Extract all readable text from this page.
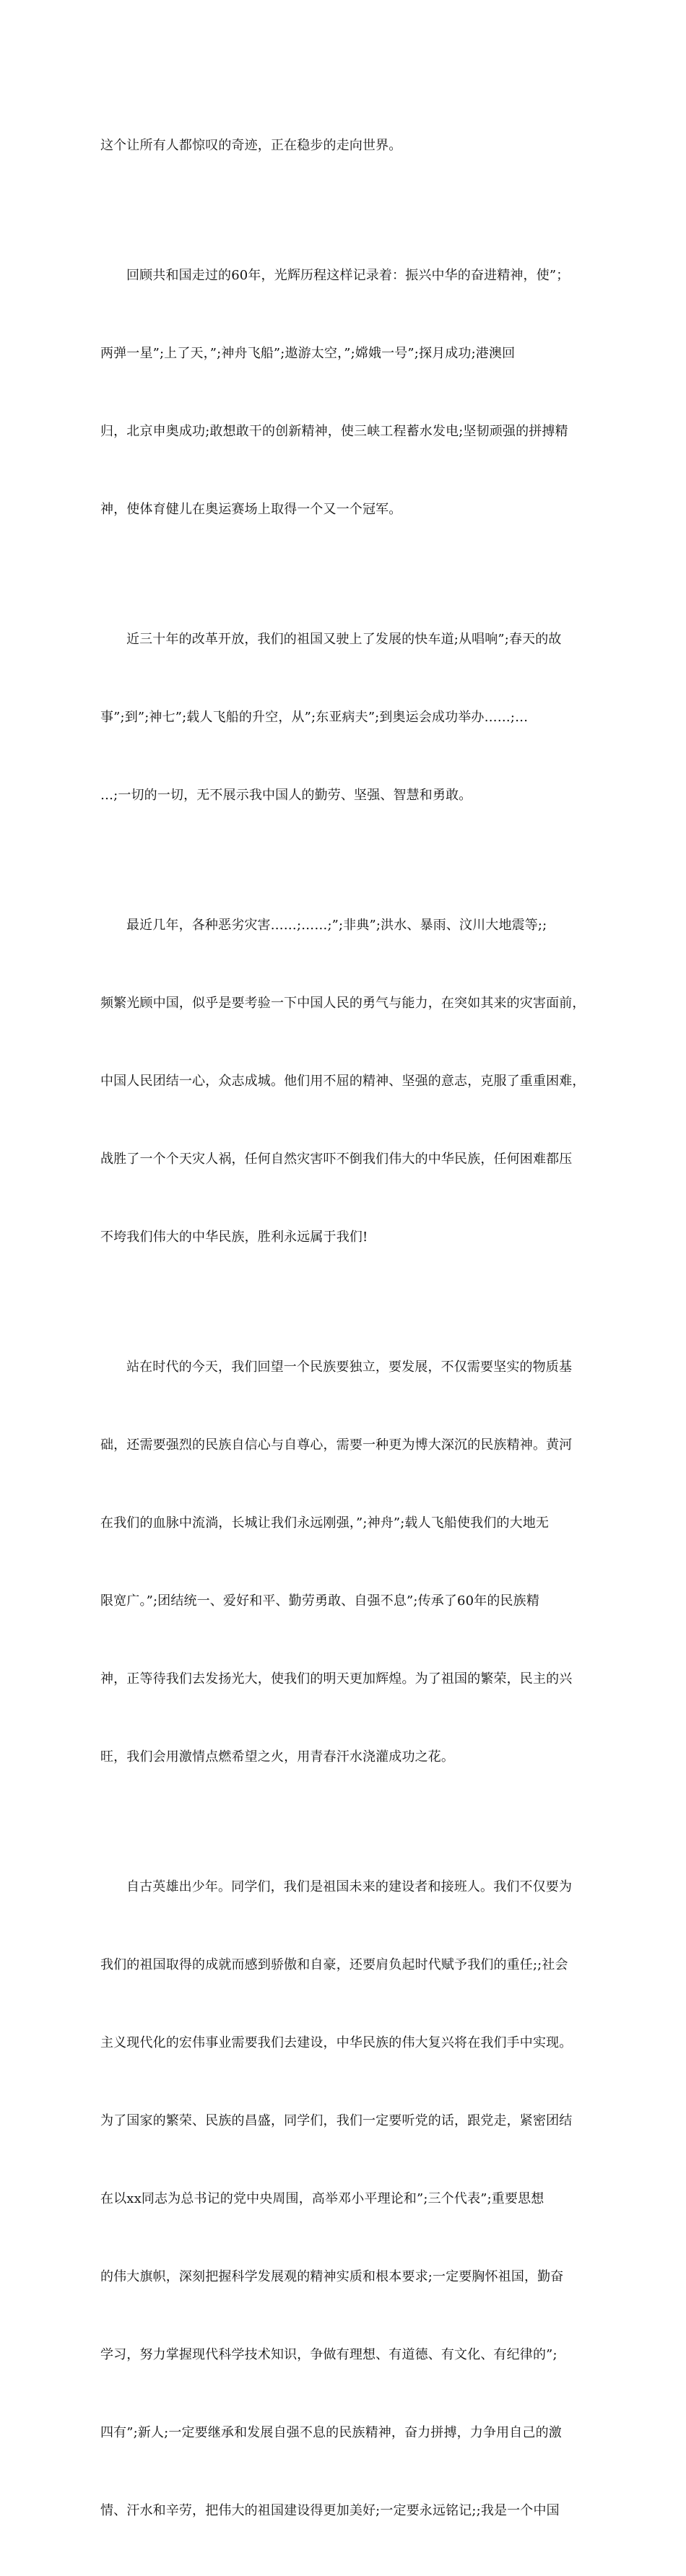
这个让所有人都惊叹的奇迹，正在稳步的走向世界。

回顾共和国走过的60年，光辉历程这样记录着：振兴中华的奋进精神，使”；

两弹一星”;上了天，”;神舟飞船”;遨游太空，”;嫦娥一号”;探月成功;港澳回

归，北京申奥成功;敢想敢干的创新精神，使三峡工程蓄水发电;坚韧顽强的拼搏精

神，使体育健儿在奥运赛场上取得一个又一个冠军。

近三十年的改革开放，我们的祖国又驶上了发展的快车道;从唱响”;春天的故

事”;到”;神七”;载人飞船的升空，从”;东亚病夫”;到奥运会成功举办……;…

…;一切的一切，无不展示我中国人的勤劳、坚强、智慧和勇敢。

最近几年，各种恶劣灾害……;……;”;非典”;洪水、暴雨、汶川大地震等;;

频繁光顾中国，似乎是要考验一下中国人民的勇气与能力，在突如其来的灾害面前，

中国人民团结一心，众志成城。他们用不屈的精神、坚强的意志，克服了重重困难，

战胜了一个个天灾人祸，任何自然灾害吓不倒我们伟大的中华民族，任何困难都压

不垮我们伟大的中华民族，胜利永远属于我们!

站在时代的今天，我们回望一个民族要独立，要发展，不仅需要坚实的物质基

础，还需要强烈的民族自信心与自尊心，需要一种更为博大深沉的民族精神。黄河

在我们的血脉中流淌，长城让我们永远刚强，”;神舟”;载人飞船使我们的大地无

限宽广。”;团结统一、爱好和平、勤劳勇敢、自强不息”;传承了60年的民族精

神，正等待我们去发扬光大，使我们的明天更加辉煌。为了祖国的繁荣，民主的兴

旺，我们会用激情点燃希望之火，用青春汗水浇灌成功之花。

自古英雄出少年。同学们，我们是祖国未来的建设者和接班人。我们不仅要为

我们的祖国取得的成就而感到骄傲和自豪，还要肩负起时代赋予我们的重任;;社会

主义现代化的宏伟事业需要我们去建设，中华民族的伟大复兴将在我们手中实现。

为了国家的繁荣、民族的昌盛，同学们，我们一定要听党的话，跟党走，紧密团结

在以xx同志为总书记的党中央周围，高举邓小平理论和”;三个代表”;重要思想

的伟大旗帜，深刻把握科学发展观的精神实质和根本要求;一定要胸怀祖国，勤奋

学习，努力掌握现代科学技术知识，争做有理想、有道德、有文化、有纪律的”;

四有”;新人;一定要继承和发展自强不息的民族精神，奋力拼搏，力争用自己的激

情、汗水和辛劳，把伟大的祖国建设得更加美好;一定要永远铭记;;我是一个中国
